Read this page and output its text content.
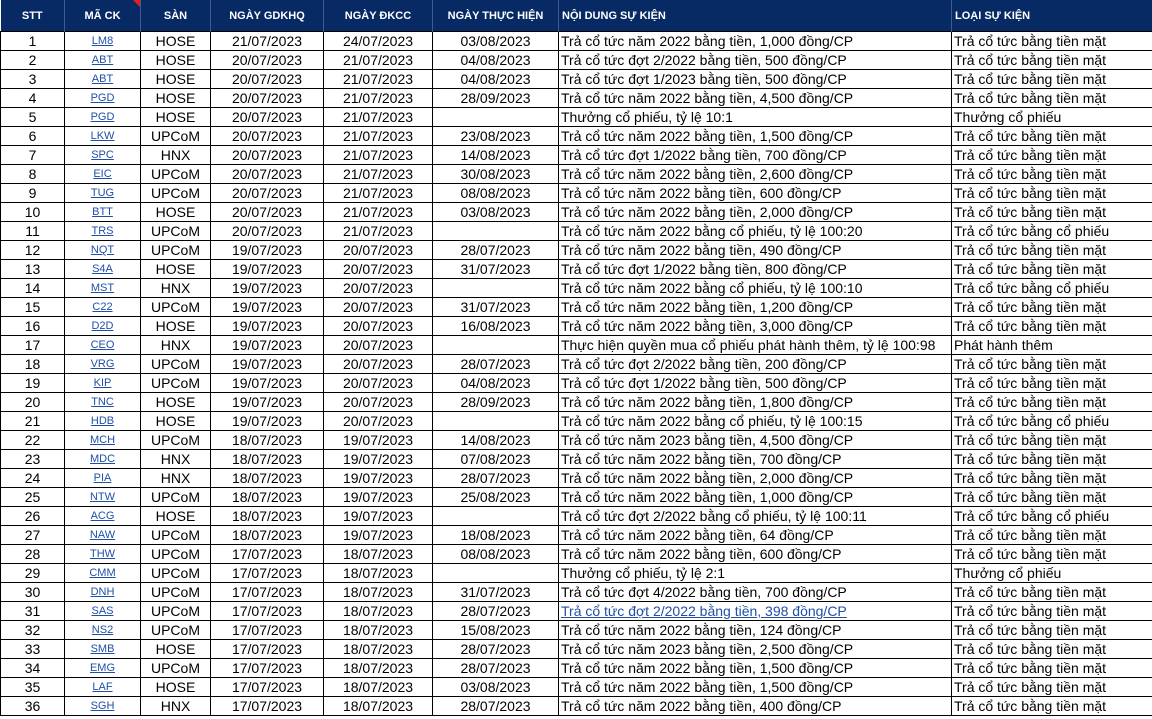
STT	MÃ CK	SÀN	NGÀY GDKHQ	NGÀY ĐKCC	NGÀY THỰC HIỆN	NỘI DUNG SỰ KIỆN	LOẠI SỰ KIỆN
1	LM8	HOSE	21/07/2023	24/07/2023	03/08/2023	Trả cổ tức năm 2022 bằng tiền, 1,000 đồng/CP	Trả cổ tức bằng tiền mặt
2	ABT	HOSE	20/07/2023	21/07/2023	04/08/2023	Trả cổ tức đợt 2/2022 bằng tiền, 500 đồng/CP	Trả cổ tức bằng tiền mặt
3	ABT	HOSE	20/07/2023	21/07/2023	04/08/2023	Trả cổ tức đợt 1/2023 bằng tiền, 500 đồng/CP	Trả cổ tức bằng tiền mặt
4	PGD	HOSE	20/07/2023	21/07/2023	28/09/2023	Trả cổ tức năm 2022 bằng tiền, 4,500 đồng/CP	Trả cổ tức bằng tiền mặt
5	PGD	HOSE	20/07/2023	21/07/2023		Thưởng cổ phiếu, tỷ lệ 10:1	Thưởng cổ phiếu
6	LKW	UPCoM	20/07/2023	21/07/2023	23/08/2023	Trả cổ tức năm 2022 bằng tiền, 1,500 đồng/CP	Trả cổ tức bằng tiền mặt
7	SPC	HNX	20/07/2023	21/07/2023	14/08/2023	Trả cổ tức đợt 1/2022 bằng tiền, 700 đồng/CP	Trả cổ tức bằng tiền mặt
8	EIC	UPCoM	20/07/2023	21/07/2023	30/08/2023	Trả cổ tức năm 2022 bằng tiền, 2,600 đồng/CP	Trả cổ tức bằng tiền mặt
9	TUG	UPCoM	20/07/2023	21/07/2023	08/08/2023	Trả cổ tức năm 2022 bằng tiền, 600 đồng/CP	Trả cổ tức bằng tiền mặt
10	BTT	HOSE	20/07/2023	21/07/2023	03/08/2023	Trả cổ tức năm 2022 bằng tiền, 2,000 đồng/CP	Trả cổ tức bằng tiền mặt
11	TRS	UPCoM	20/07/2023	21/07/2023		Trả cổ tức năm 2022 bằng cổ phiếu, tỷ lệ 100:20	Trả cổ tức bằng cổ phiếu
12	NQT	UPCoM	19/07/2023	20/07/2023	28/07/2023	Trả cổ tức năm 2022 bằng tiền, 490 đồng/CP	Trả cổ tức bằng tiền mặt
13	S4A	HOSE	19/07/2023	20/07/2023	31/07/2023	Trả cổ tức đợt 1/2022 bằng tiền, 800 đồng/CP	Trả cổ tức bằng tiền mặt
14	MST	HNX	19/07/2023	20/07/2023		Trả cổ tức năm 2022 bằng cổ phiếu, tỷ lệ 100:10	Trả cổ tức bằng cổ phiếu
15	C22	UPCoM	19/07/2023	20/07/2023	31/07/2023	Trả cổ tức năm 2022 bằng tiền, 1,200 đồng/CP	Trả cổ tức bằng tiền mặt
16	D2D	HOSE	19/07/2023	20/07/2023	16/08/2023	Trả cổ tức năm 2022 bằng tiền, 3,000 đồng/CP	Trả cổ tức bằng tiền mặt
17	CEO	HNX	19/07/2023	20/07/2023		Thực hiện quyền mua cổ phiếu phát hành thêm, tỷ lệ 100:98	Phát hành thêm
18	VRG	UPCoM	19/07/2023	20/07/2023	28/07/2023	Trả cổ tức đợt 2/2022 bằng tiền, 200 đồng/CP	Trả cổ tức bằng tiền mặt
19	KIP	UPCoM	19/07/2023	20/07/2023	04/08/2023	Trả cổ tức đợt 1/2022 bằng tiền, 500 đồng/CP	Trả cổ tức bằng tiền mặt
20	TNC	HOSE	19/07/2023	20/07/2023	28/09/2023	Trả cổ tức năm 2022 bằng tiền, 1,800 đồng/CP	Trả cổ tức bằng tiền mặt
21	HDB	HOSE	19/07/2023	20/07/2023		Trả cổ tức năm 2022 bằng cổ phiếu, tỷ lệ 100:15	Trả cổ tức bằng cổ phiếu
22	MCH	UPCoM	18/07/2023	19/07/2023	14/08/2023	Trả cổ tức năm 2023 bằng tiền, 4,500 đồng/CP	Trả cổ tức bằng tiền mặt
23	MDC	HNX	18/07/2023	19/07/2023	07/08/2023	Trả cổ tức năm 2022 bằng tiền, 700 đồng/CP	Trả cổ tức bằng tiền mặt
24	PIA	HNX	18/07/2023	19/07/2023	28/07/2023	Trả cổ tức năm 2022 bằng tiền, 2,000 đồng/CP	Trả cổ tức bằng tiền mặt
25	NTW	UPCoM	18/07/2023	19/07/2023	25/08/2023	Trả cổ tức năm 2022 bằng tiền, 1,000 đồng/CP	Trả cổ tức bằng tiền mặt
26	ACG	HOSE	18/07/2023	19/07/2023		Trả cổ tức đợt 2/2022 bằng cổ phiếu, tỷ lệ 100:11	Trả cổ tức bằng cổ phiếu
27	NAW	UPCoM	18/07/2023	19/07/2023	18/08/2023	Trả cổ tức năm 2022 bằng tiền, 64 đồng/CP	Trả cổ tức bằng tiền mặt
28	THW	UPCoM	17/07/2023	18/07/2023	08/08/2023	Trả cổ tức năm 2022 bằng tiền, 600 đồng/CP	Trả cổ tức bằng tiền mặt
29	CMM	UPCoM	17/07/2023	18/07/2023		Thưởng cổ phiếu, tỷ lệ 2:1	Thưởng cổ phiếu
30	DNH	UPCoM	17/07/2023	18/07/2023	31/07/2023	Trả cổ tức đợt 4/2022 bằng tiền, 700 đồng/CP	Trả cổ tức bằng tiền mặt
31	SAS	UPCoM	17/07/2023	18/07/2023	28/07/2023	Trả cổ tức đợt 2/2022 bằng tiền, 398 đồng/CP	Trả cổ tức bằng tiền mặt
32	NS2	UPCoM	17/07/2023	18/07/2023	15/08/2023	Trả cổ tức năm 2022 bằng tiền, 124 đồng/CP	Trả cổ tức bằng tiền mặt
33	SMB	HOSE	17/07/2023	18/07/2023	28/07/2023	Trả cổ tức năm 2023 bằng tiền, 2,500 đồng/CP	Trả cổ tức bằng tiền mặt
34	EMG	UPCoM	17/07/2023	18/07/2023	28/07/2023	Trả cổ tức năm 2022 bằng tiền, 1,500 đồng/CP	Trả cổ tức bằng tiền mặt
35	LAF	HOSE	17/07/2023	18/07/2023	03/08/2023	Trả cổ tức năm 2022 bằng tiền, 1,500 đồng/CP	Trả cổ tức bằng tiền mặt
36	SGH	HNX	17/07/2023	18/07/2023	28/07/2023	Trả cổ tức năm 2022 bằng tiền, 400 đồng/CP	Trả cổ tức bằng tiền mặt
